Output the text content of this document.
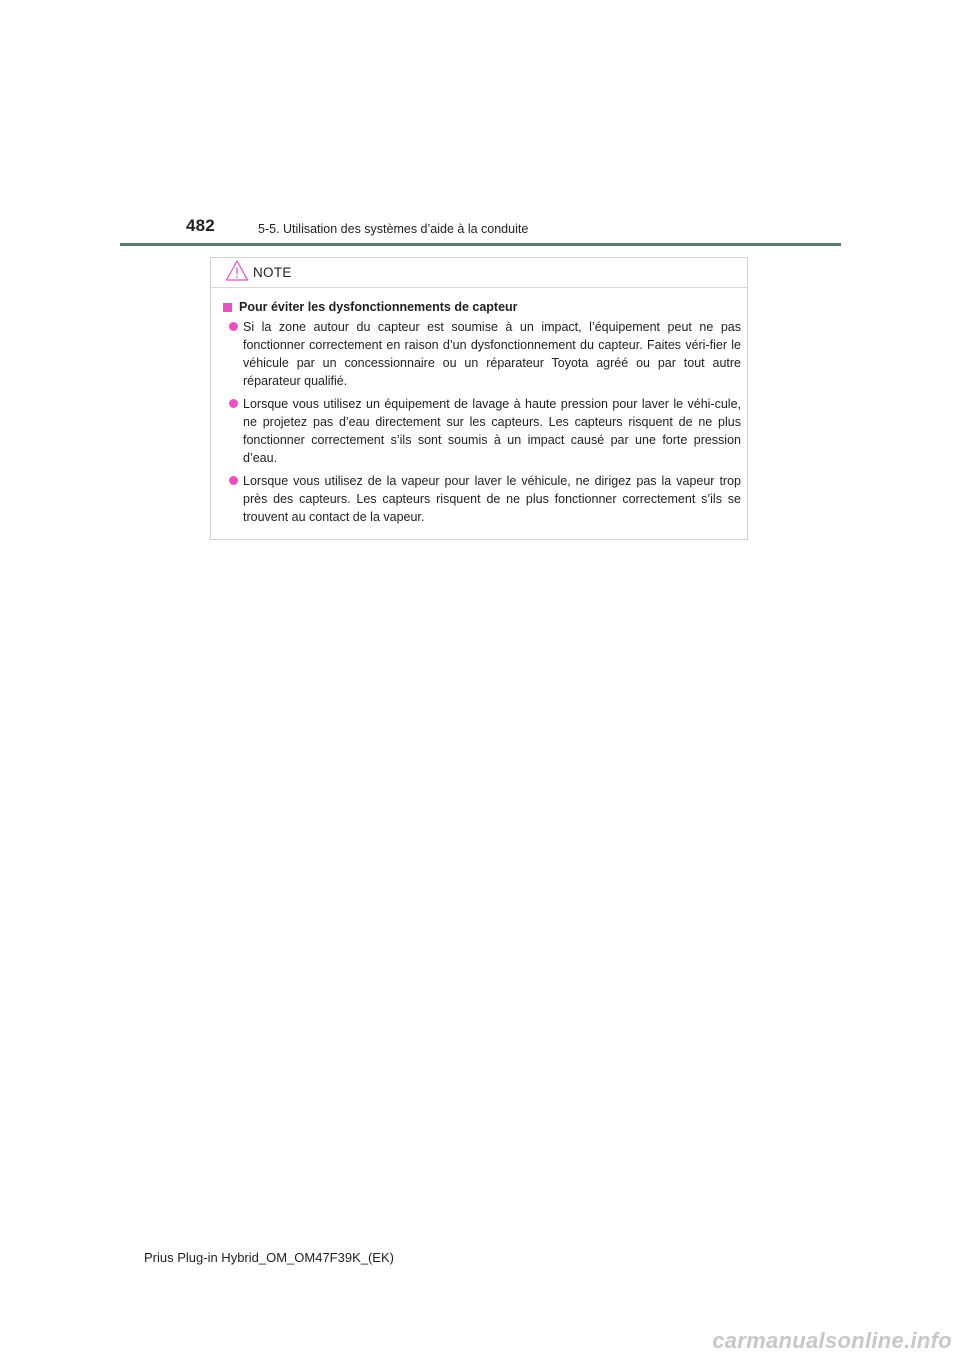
482	5-5. Utilisation des systèmes d’aide à la conduite
NOTE
Pour éviter les dysfonctionnements de capteur
Si la zone autour du capteur est soumise à un impact, l’équipement peut ne pas fonctionner correctement en raison d’un dysfonctionnement du capteur. Faites véri-fier le véhicule par un concessionnaire ou un réparateur Toyota agréé ou par tout autre réparateur qualifié.
Lorsque vous utilisez un équipement de lavage à haute pression pour laver le véhi-cule, ne projetez pas d’eau directement sur les capteurs. Les capteurs risquent de ne plus fonctionner correctement s’ils sont soumis à un impact causé par une forte pression d’eau.
Lorsque vous utilisez de la vapeur pour laver le véhicule, ne dirigez pas la vapeur trop près des capteurs. Les capteurs risquent de ne plus fonctionner correctement s’ils se trouvent au contact de la vapeur.
Prius Plug-in Hybrid_OM_OM47F39K_(EK)
carmanualsonline.info
